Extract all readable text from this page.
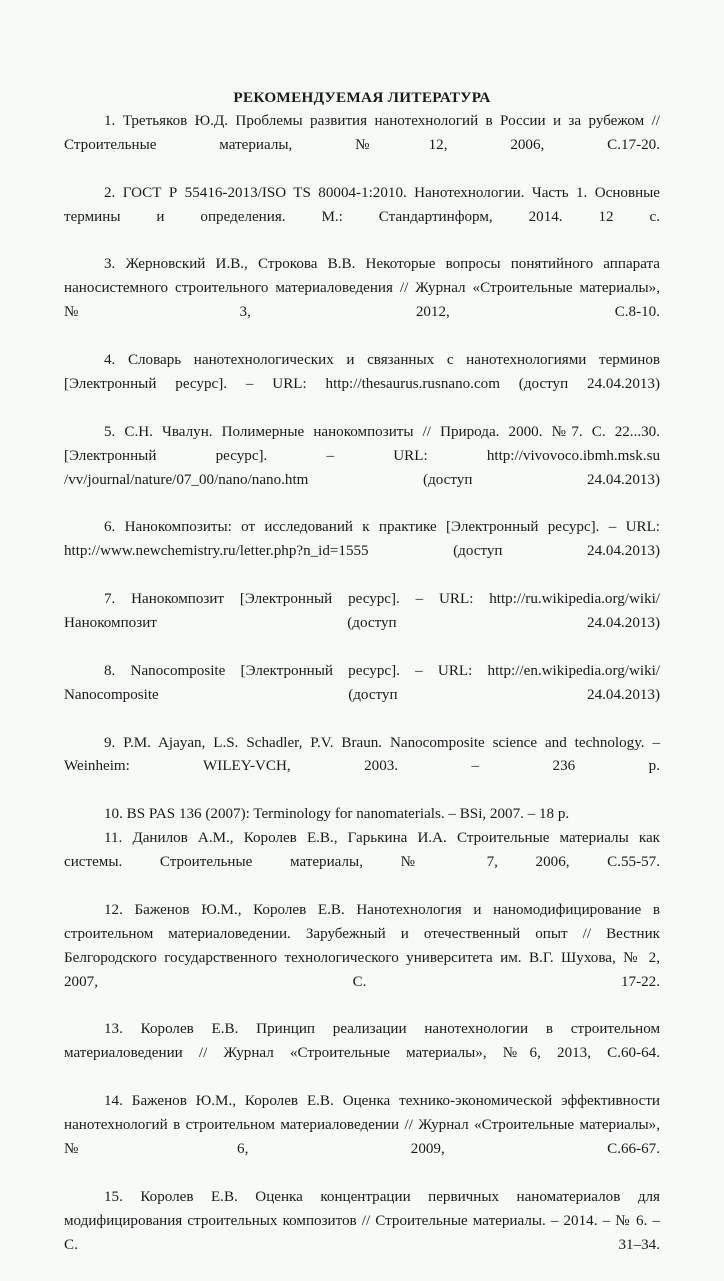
РЕКОМЕНДУЕМАЯ ЛИТЕРАТУРА

1. Третьяков Ю.Д. Проблемы развития нанотехнологий в России и за рубежом // Строительные материалы, №12, 2006, С.17-20.

2. ГОСТ Р 55416-2013/ISO TS 80004-1:2010. Нанотехнологии. Часть 1. Основные термины и определения. М.: Стандартинформ, 2014. 12 с.

3. Жерновский И.В., Строкова В.В. Некоторые вопросы понятийного аппарата наносистемного строительного материаловедения // Журнал «Строительные материалы», №3, 2012, С.8-10.

4. Словарь нанотехнологических и связанных с нанотехнологиями терминов [Электронный ресурс]. – URL: http://thesaurus.rusnano.com (доступ 24.04.2013)

5. С.Н. Чвалун. Полимерные нанокомпозиты // Природа. 2000. №7. С. 22...30. [Электронный ресурс]. – URL: http://vivovoco.ibmh.msk.su /vv/journal/nature/07_00/nano/nano.htm (доступ 24.04.2013)

6. Нанокомпозиты: от исследований к практике [Электронный ресурс]. – URL: http://www.newchemistry.ru/letter.php?n_id=1555 (доступ 24.04.2013)

7. Нанокомпозит [Электронный ресурс]. – URL: http://ru.wikipedia.org/wiki/ Нанокомпозит (доступ 24.04.2013)

8. Nanocomposite [Электронный ресурс]. – URL: http://en.wikipedia.org/wiki/ Nanocomposite (доступ 24.04.2013)

9. P.M. Ajayan, L.S. Schadler, P.V. Braun. Nanocomposite science and technology. – Weinheim: WILEY-VCH, 2003. – 236 p.

10. BS PAS 136 (2007): Terminology for nanomaterials. – BSi, 2007. – 18 p.

11. Данилов А.М., Королев Е.В., Гарькина И.А. Строительные материалы как системы. Строительные материалы, № 7, 2006, С.55-57.

12. Баженов Ю.М., Королев Е.В. Нанотехнология и наномодифицирование в строительном материаловедении. Зарубежный и отечественный опыт // Вестник Белгородского государственного технологического университета им. В.Г. Шухова, № 2, 2007, С. 17-22.

13. Королев Е.В. Принцип реализации нанотехнологии в строительном материаловедении // Журнал «Строительные материалы», №6, 2013, С.60-64.

14. Баженов Ю.М., Королев Е.В. Оценка технико-экономической эффективности нанотехнологий в строительном материаловедении // Журнал «Строительные материалы», №6, 2009, С.66-67.

15. Королев Е.В. Оценка концентрации первичных наноматериалов для модифицирования строительных композитов // Строительные материалы. – 2014. – № 6. – С. 31–34.
